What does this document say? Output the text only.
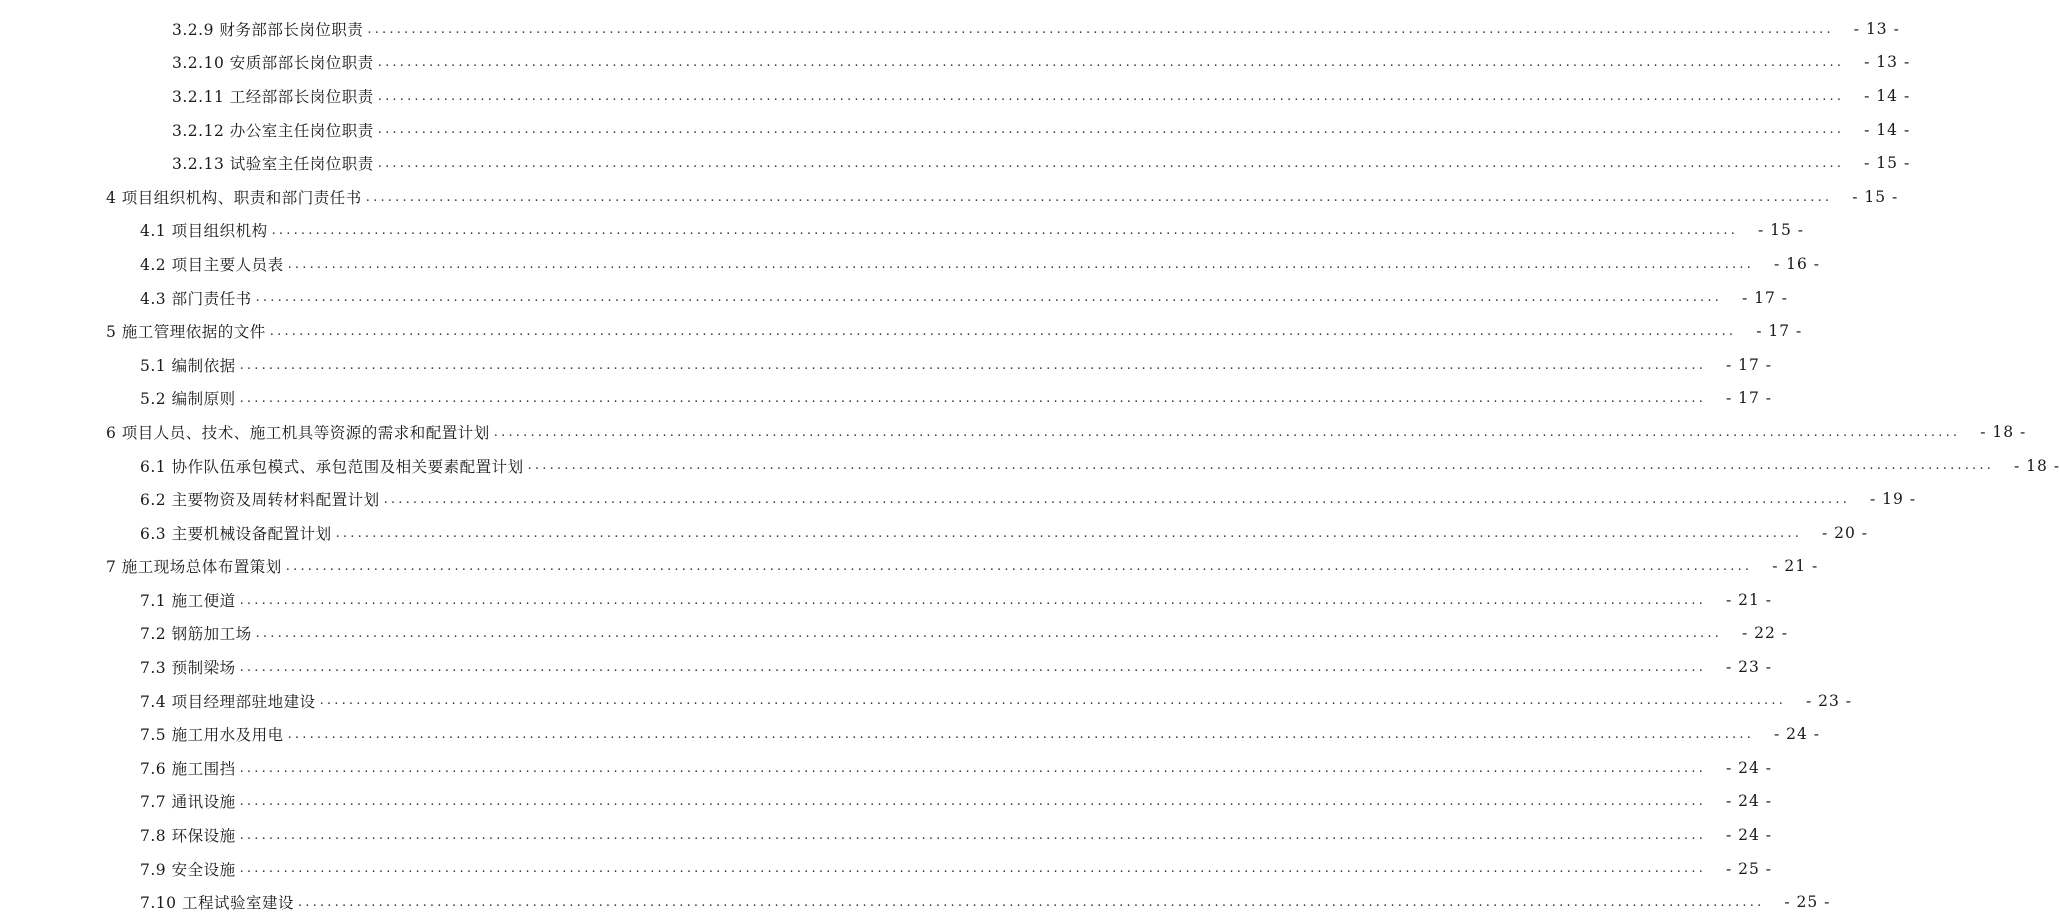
3.2.9 财务部部长岗位职责 ........................................................................................................................................................................................................	- 13 -
3.2.10 安质部部长岗位职责 ........................................................................................................................................................................................................	- 13 -
3.2.11 工经部部长岗位职责 ........................................................................................................................................................................................................	- 14 -
3.2.12 办公室主任岗位职责 ........................................................................................................................................................................................................	- 14 -
3.2.13 试验室主任岗位职责 ........................................................................................................................................................................................................	- 15 -
4 项目组织机构、职责和部门责任书 ........................................................................................................................................................................................................	- 15 -
4.1 项目组织机构 ........................................................................................................................................................................................................	- 15 -
4.2 项目主要人员表 ........................................................................................................................................................................................................	- 16 -
4.3 部门责任书 ........................................................................................................................................................................................................	- 17 -
5 施工管理依据的文件 ........................................................................................................................................................................................................	- 17 -
5.1 编制依据 ........................................................................................................................................................................................................	- 17 -
5.2 编制原则 ........................................................................................................................................................................................................	- 17 -
6 项目人员、技术、施工机具等资源的需求和配置计划 ........................................................................................................................................................................................................	- 18 -
6.1 协作队伍承包模式、承包范围及相关要素配置计划 ........................................................................................................................................................................................................	- 18 -
6.2 主要物资及周转材料配置计划 ........................................................................................................................................................................................................	- 19 -
6.3 主要机械设备配置计划 ........................................................................................................................................................................................................	- 20 -
7 施工现场总体布置策划 ........................................................................................................................................................................................................	- 21 -
7.1 施工便道 ........................................................................................................................................................................................................	- 21 -
7.2 钢筋加工场 ........................................................................................................................................................................................................	- 22 -
7.3 预制梁场 ........................................................................................................................................................................................................	- 23 -
7.4 项目经理部驻地建设 ........................................................................................................................................................................................................	- 23 -
7.5 施工用水及用电 ........................................................................................................................................................................................................	- 24 -
7.6 施工围挡 ........................................................................................................................................................................................................	- 24 -
7.7 通讯设施 ........................................................................................................................................................................................................	- 24 -
7.8 环保设施 ........................................................................................................................................................................................................	- 24 -
7.9 安全设施 ........................................................................................................................................................................................................	- 25 -
7.10 工程试验室建设 ........................................................................................................................................................................................................	- 25 -
